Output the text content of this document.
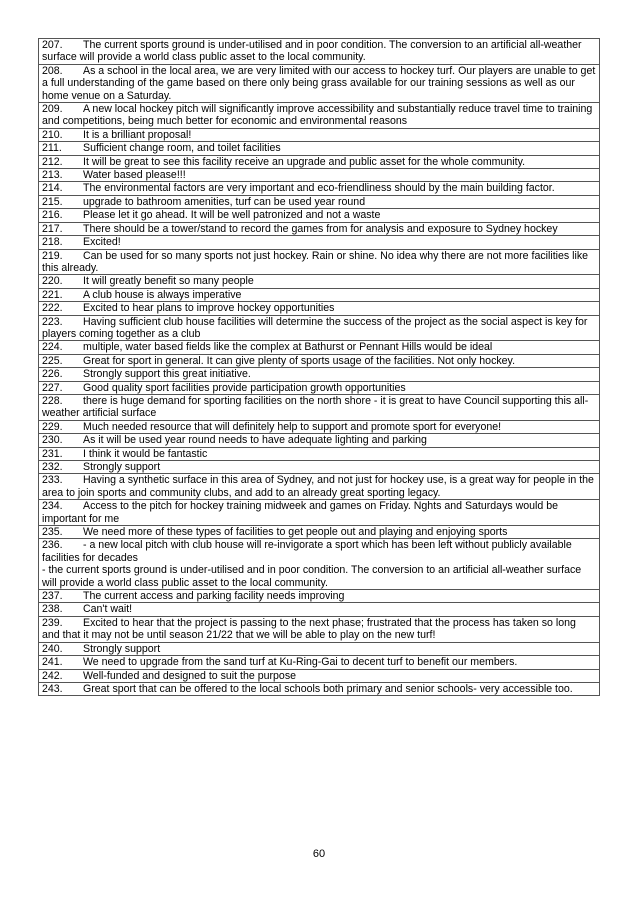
207. The current sports ground is under-utilised and in poor condition. The conversion to an artificial all-weather surface will provide a world class public asset to the local community.
208. As a school in the local area, we are very limited with our access to hockey turf. Our players are unable to get a full understanding of the game based on there only being grass available for our training sessions as well as our home venue on a Saturday.
209. A new local hockey pitch will significantly improve accessibility and substantially reduce travel time to training and competitions, being much better for economic and environmental reasons
210. It is a brilliant proposal!
211. Sufficient change room, and toilet facilities
212. It will be great to see this facility receive an upgrade and public asset for the whole community.
213. Water based please!!!
214. The environmental factors are very important and eco-friendliness should by the main building factor.
215. upgrade to bathroom amenities, turf can be used year round
216. Please let it go ahead. It will be well patronized and not a waste
217. There should be a tower/stand to record the games from for analysis and exposure to Sydney hockey
218. Excited!
219. Can be used for so many sports not just hockey. Rain or shine. No idea why there are not more facilities like this already.
220. It will greatly benefit so many people
221. A club house is always imperative
222. Excited to hear plans to improve hockey opportunities
223. Having sufficient club house facilities will determine the success of the project as the social aspect is key for players coming together as a club
224. multiple, water based fields like the complex at Bathurst or Pennant Hills would be ideal
225. Great for sport in general. It can give plenty of sports usage of the facilities. Not only hockey.
226. Strongly support this great initiative.
227. Good quality sport facilities provide participation growth opportunities
228. there is huge demand for sporting facilities on the north shore - it is great to have Council supporting this all-weather artificial surface
229. Much needed resource that will definitely help to support and promote sport for everyone!
230. As it will be used year round needs to have adequate lighting and parking
231. I think it would be fantastic
232. Strongly support
233. Having a synthetic surface in this area of Sydney, and not just for hockey use, is a great way for people in the area to join sports and community clubs, and add to an already great sporting legacy.
234. Access to the pitch for hockey training midweek and games on Friday. Nghts and Saturdays would be important for me
235. We need more of these types of facilities to get people out and playing and enjoying sports
236. - a new local pitch with club house will re-invigorate a sport which has been left without publicly available facilities for decades
- the current sports ground is under-utilised and in poor condition. The conversion to an artificial all-weather surface will provide a world class public asset to the local community.
237. The current access and parking facility needs improving
238. Can't wait!
239. Excited to hear that the project is passing to the next phase; frustrated that the process has taken so long and that it may not be until season 21/22 that we will be able to play on the new turf!
240. Strongly support
241. We need to upgrade from the sand turf at Ku-Ring-Gai to decent turf to benefit our members.
242. Well-funded and designed to suit the purpose
243. Great sport that can be offered to the local schools both primary and senior schools- very accessible too.
60
